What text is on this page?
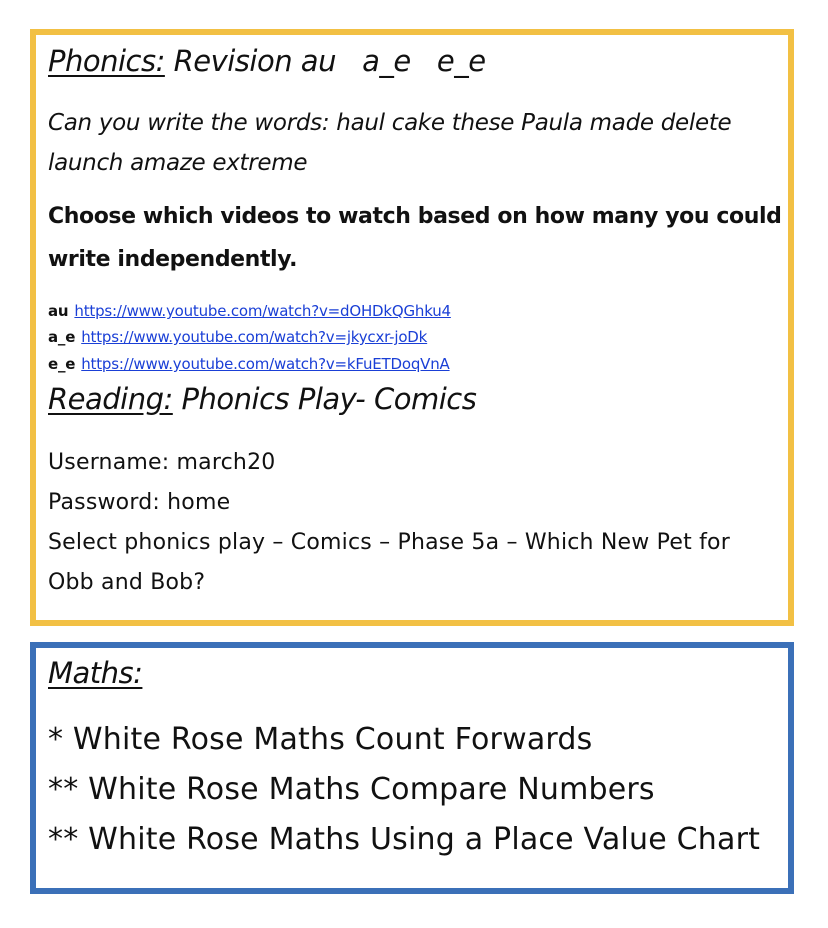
Phonics: Revision au   a_e   e_e
Can you write the words: haul cake these Paula made delete
launch amaze extreme
Choose which videos to watch based on how many you could
write independently.
au https://www.youtube.com/watch?v=dOHDkQGhku4
a_e https://www.youtube.com/watch?v=jkycxr-joDk
e_e https://www.youtube.com/watch?v=kFuETDoqVnA
Reading: Phonics Play- Comics
Username: march20
Password: home
Select phonics play – Comics – Phase 5a – Which New Pet for
Obb and Bob?
Maths:
* White Rose Maths Count Forwards
** White Rose Maths Compare Numbers
** White Rose Maths Using a Place Value Chart
